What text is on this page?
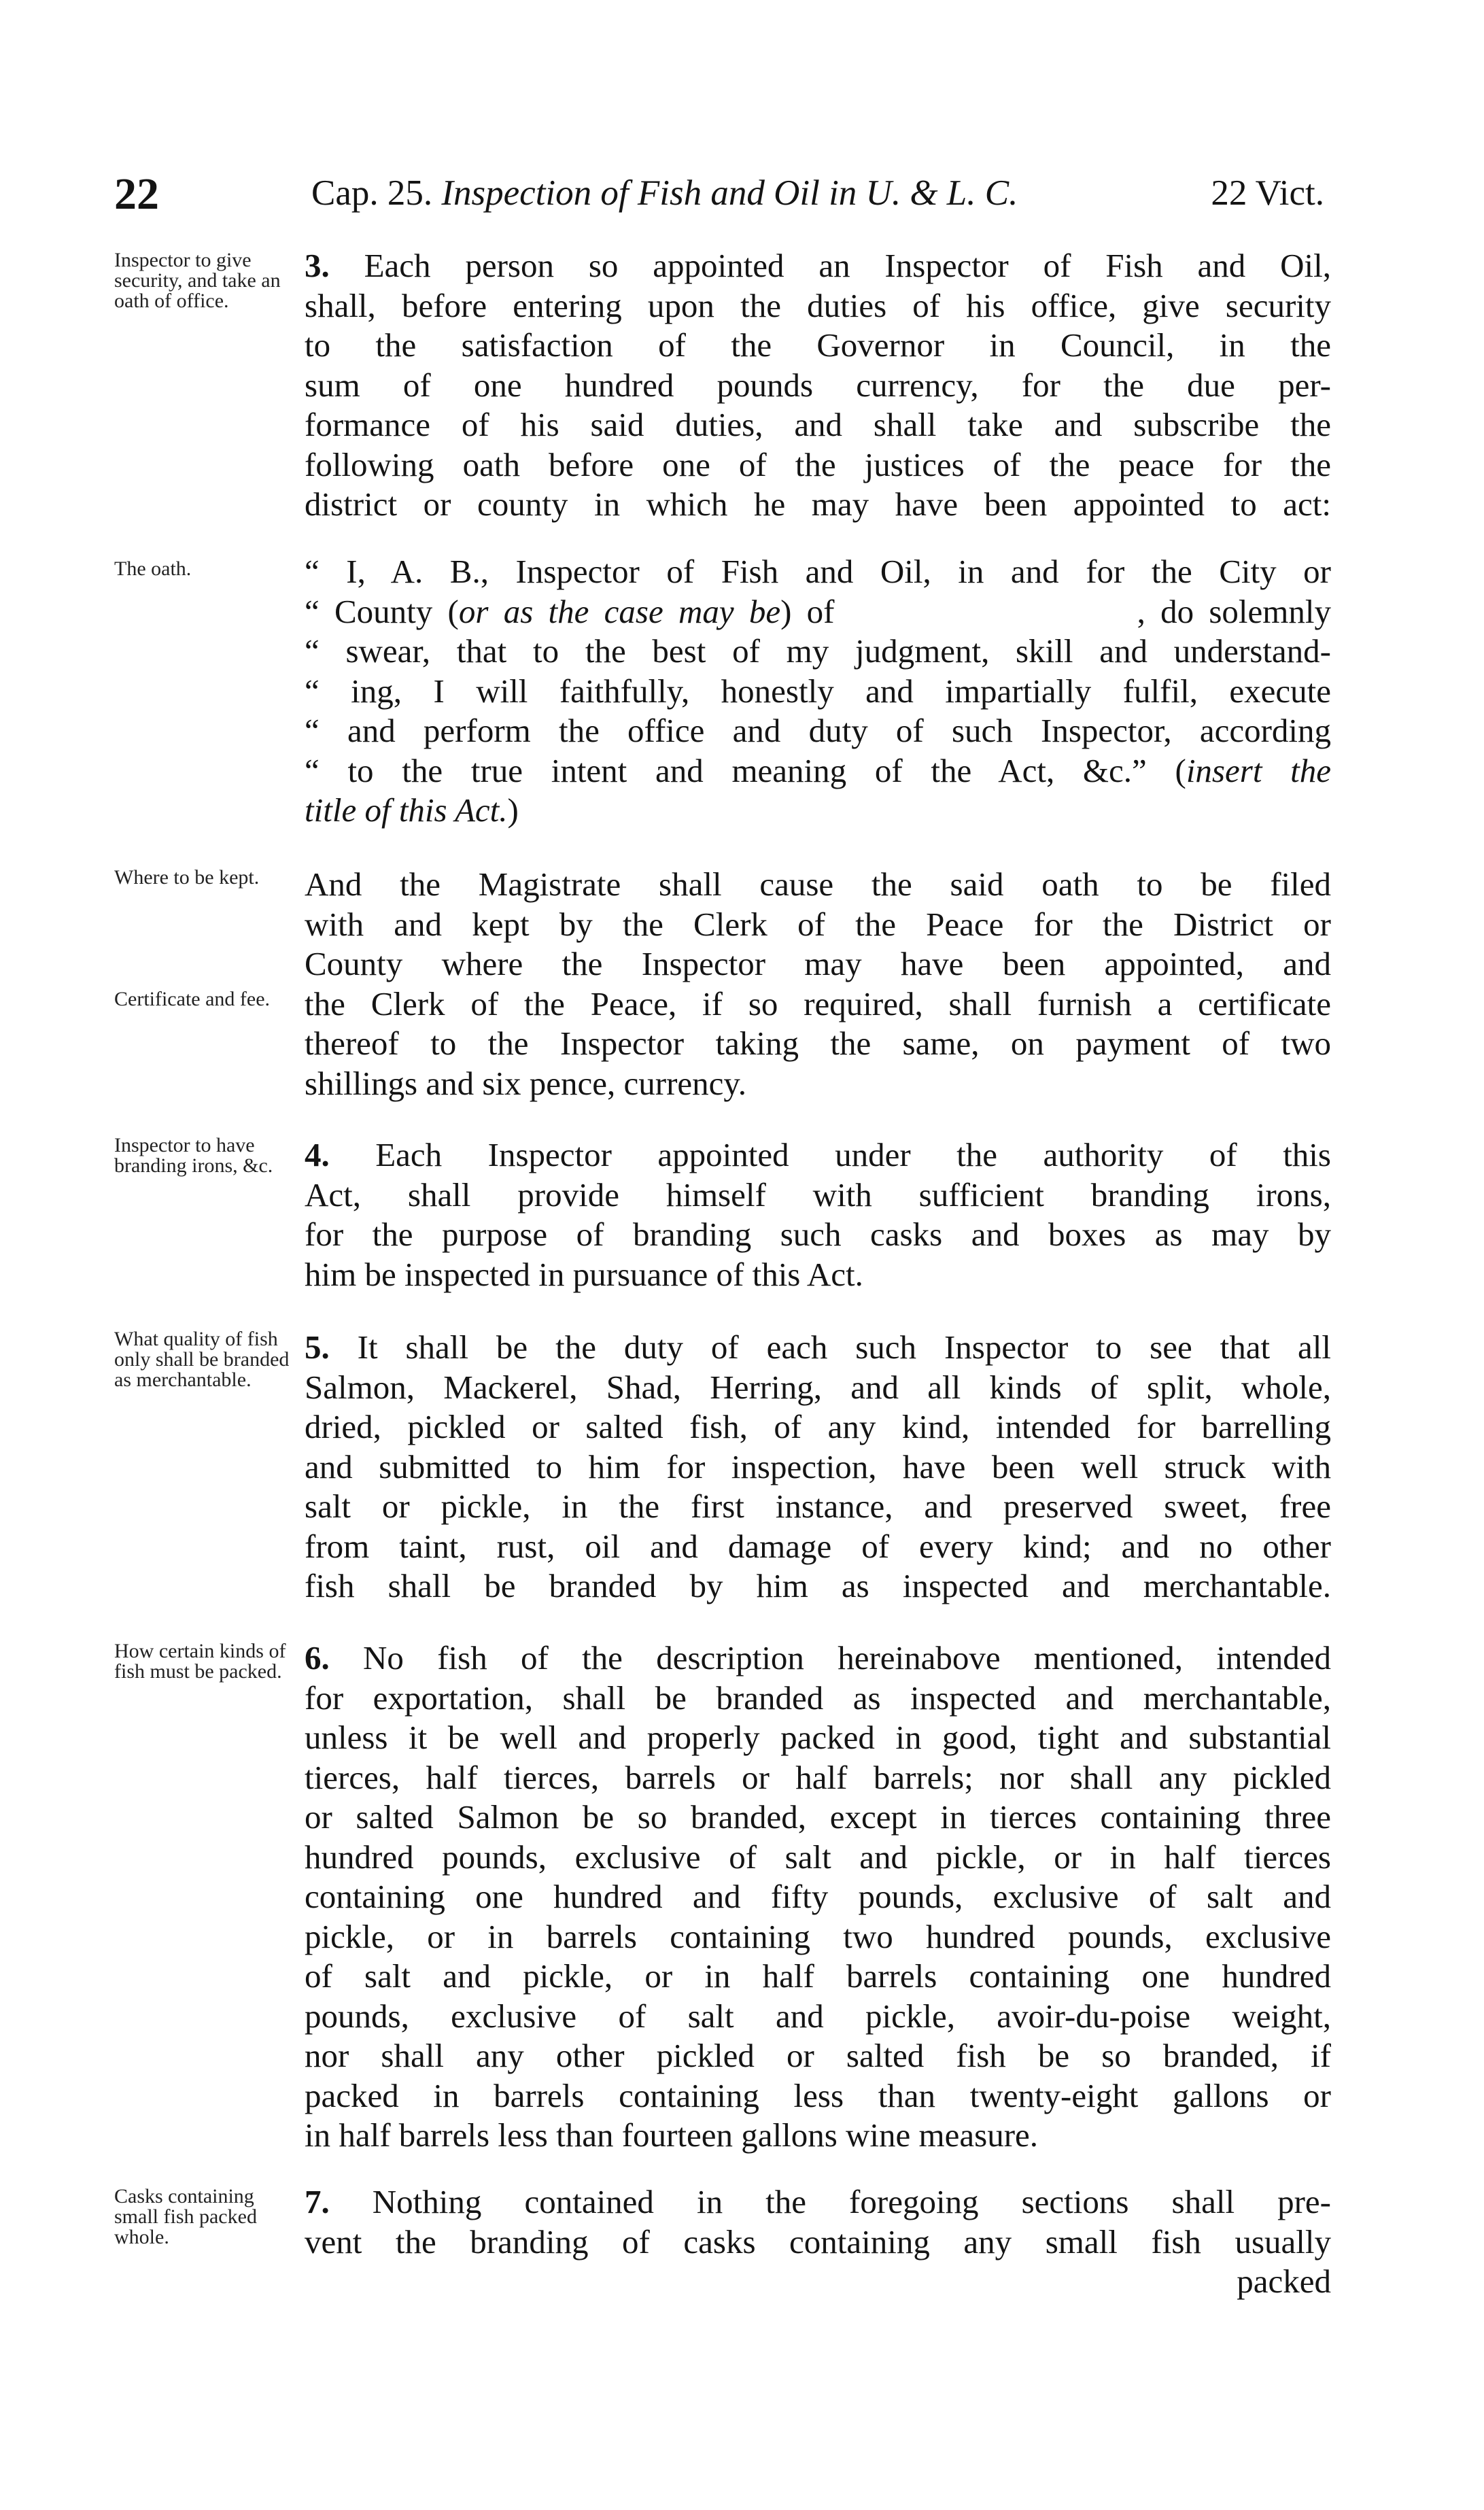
22	Cap. 25. Inspection of Fish and Oil in U. & L. C.	22 Vict.
Inspector to give security, and take an oath of office.
3. Each person so appointed an Inspector of Fish and Oil,
shall, before entering upon the duties of his office, give security
to the satisfaction of the Governor in Council, in the
sum of one hundred pounds currency, for the due per-
formance of his said duties, and shall take and subscribe the
following oath before one of the justices of the peace for the
district or county in which he may have been appointed to act:
The oath.	“ I, A. B., Inspector of Fish and Oil, in and for the City or
“ County (or as the case may be) of                    , do solemnly
“ swear, that to the best of my judgment, skill and understand-
“ ing, I will faithfully, honestly and impartially fulfil, execute
“ and perform the office and duty of such Inspector, according
“ to the true intent and meaning of the Act, &c.” (insert the
title of this Act.)
Where to be kept.
Certificate and fee.
And the Magistrate shall cause the said oath to be filed
with and kept by the Clerk of the Peace for the District or
County where the Inspector may have been appointed, and
the Clerk of the Peace, if so required, shall furnish a certificate
thereof to the Inspector taking the same, on payment of two
shillings and six pence, currency.
Inspector to have branding irons, &c. 4. Each Inspector appointed under the authority of this
Act, shall provide himself with sufficient branding irons,
for the purpose of branding such casks and boxes as may by
him be inspected in pursuance of this Act.
What quality of fish only shall be branded as merchantable.
5. It shall be the duty of each such Inspector to see that all
Salmon, Mackerel, Shad, Herring, and all kinds of split, whole,
dried, pickled or salted fish, of any kind, intended for barrelling
and submitted to him for inspection, have been well struck with
salt or pickle, in the first instance, and preserved sweet, free
from taint, rust, oil and damage of every kind; and no other
fish shall be branded by him as inspected and merchantable.
How certain kinds of fish must be packed. 6. No fish of the description hereinabove mentioned, intended
for exportation, shall be branded as inspected and merchantable,
unless it be well and properly packed in good, tight and substantial
tierces, half tierces, barrels or half barrels; nor shall any pickled
or salted Salmon be so branded, except in tierces containing three
hundred pounds, exclusive of salt and pickle, or in half tierces
containing one hundred and fifty pounds, exclusive of salt and
pickle, or in barrels containing two hundred pounds, exclusive
of salt and pickle, or in half barrels containing one hundred
pounds, exclusive of salt and pickle, avoir-du-poise weight,
nor shall any other pickled or salted fish be so branded, if
packed in barrels containing less than twenty-eight gallons or
in half barrels less than fourteen gallons wine measure.
Casks containing small fish packed whole.
7. Nothing contained in the foregoing sections shall pre-
vent the branding of casks containing any small fish usually
packed
